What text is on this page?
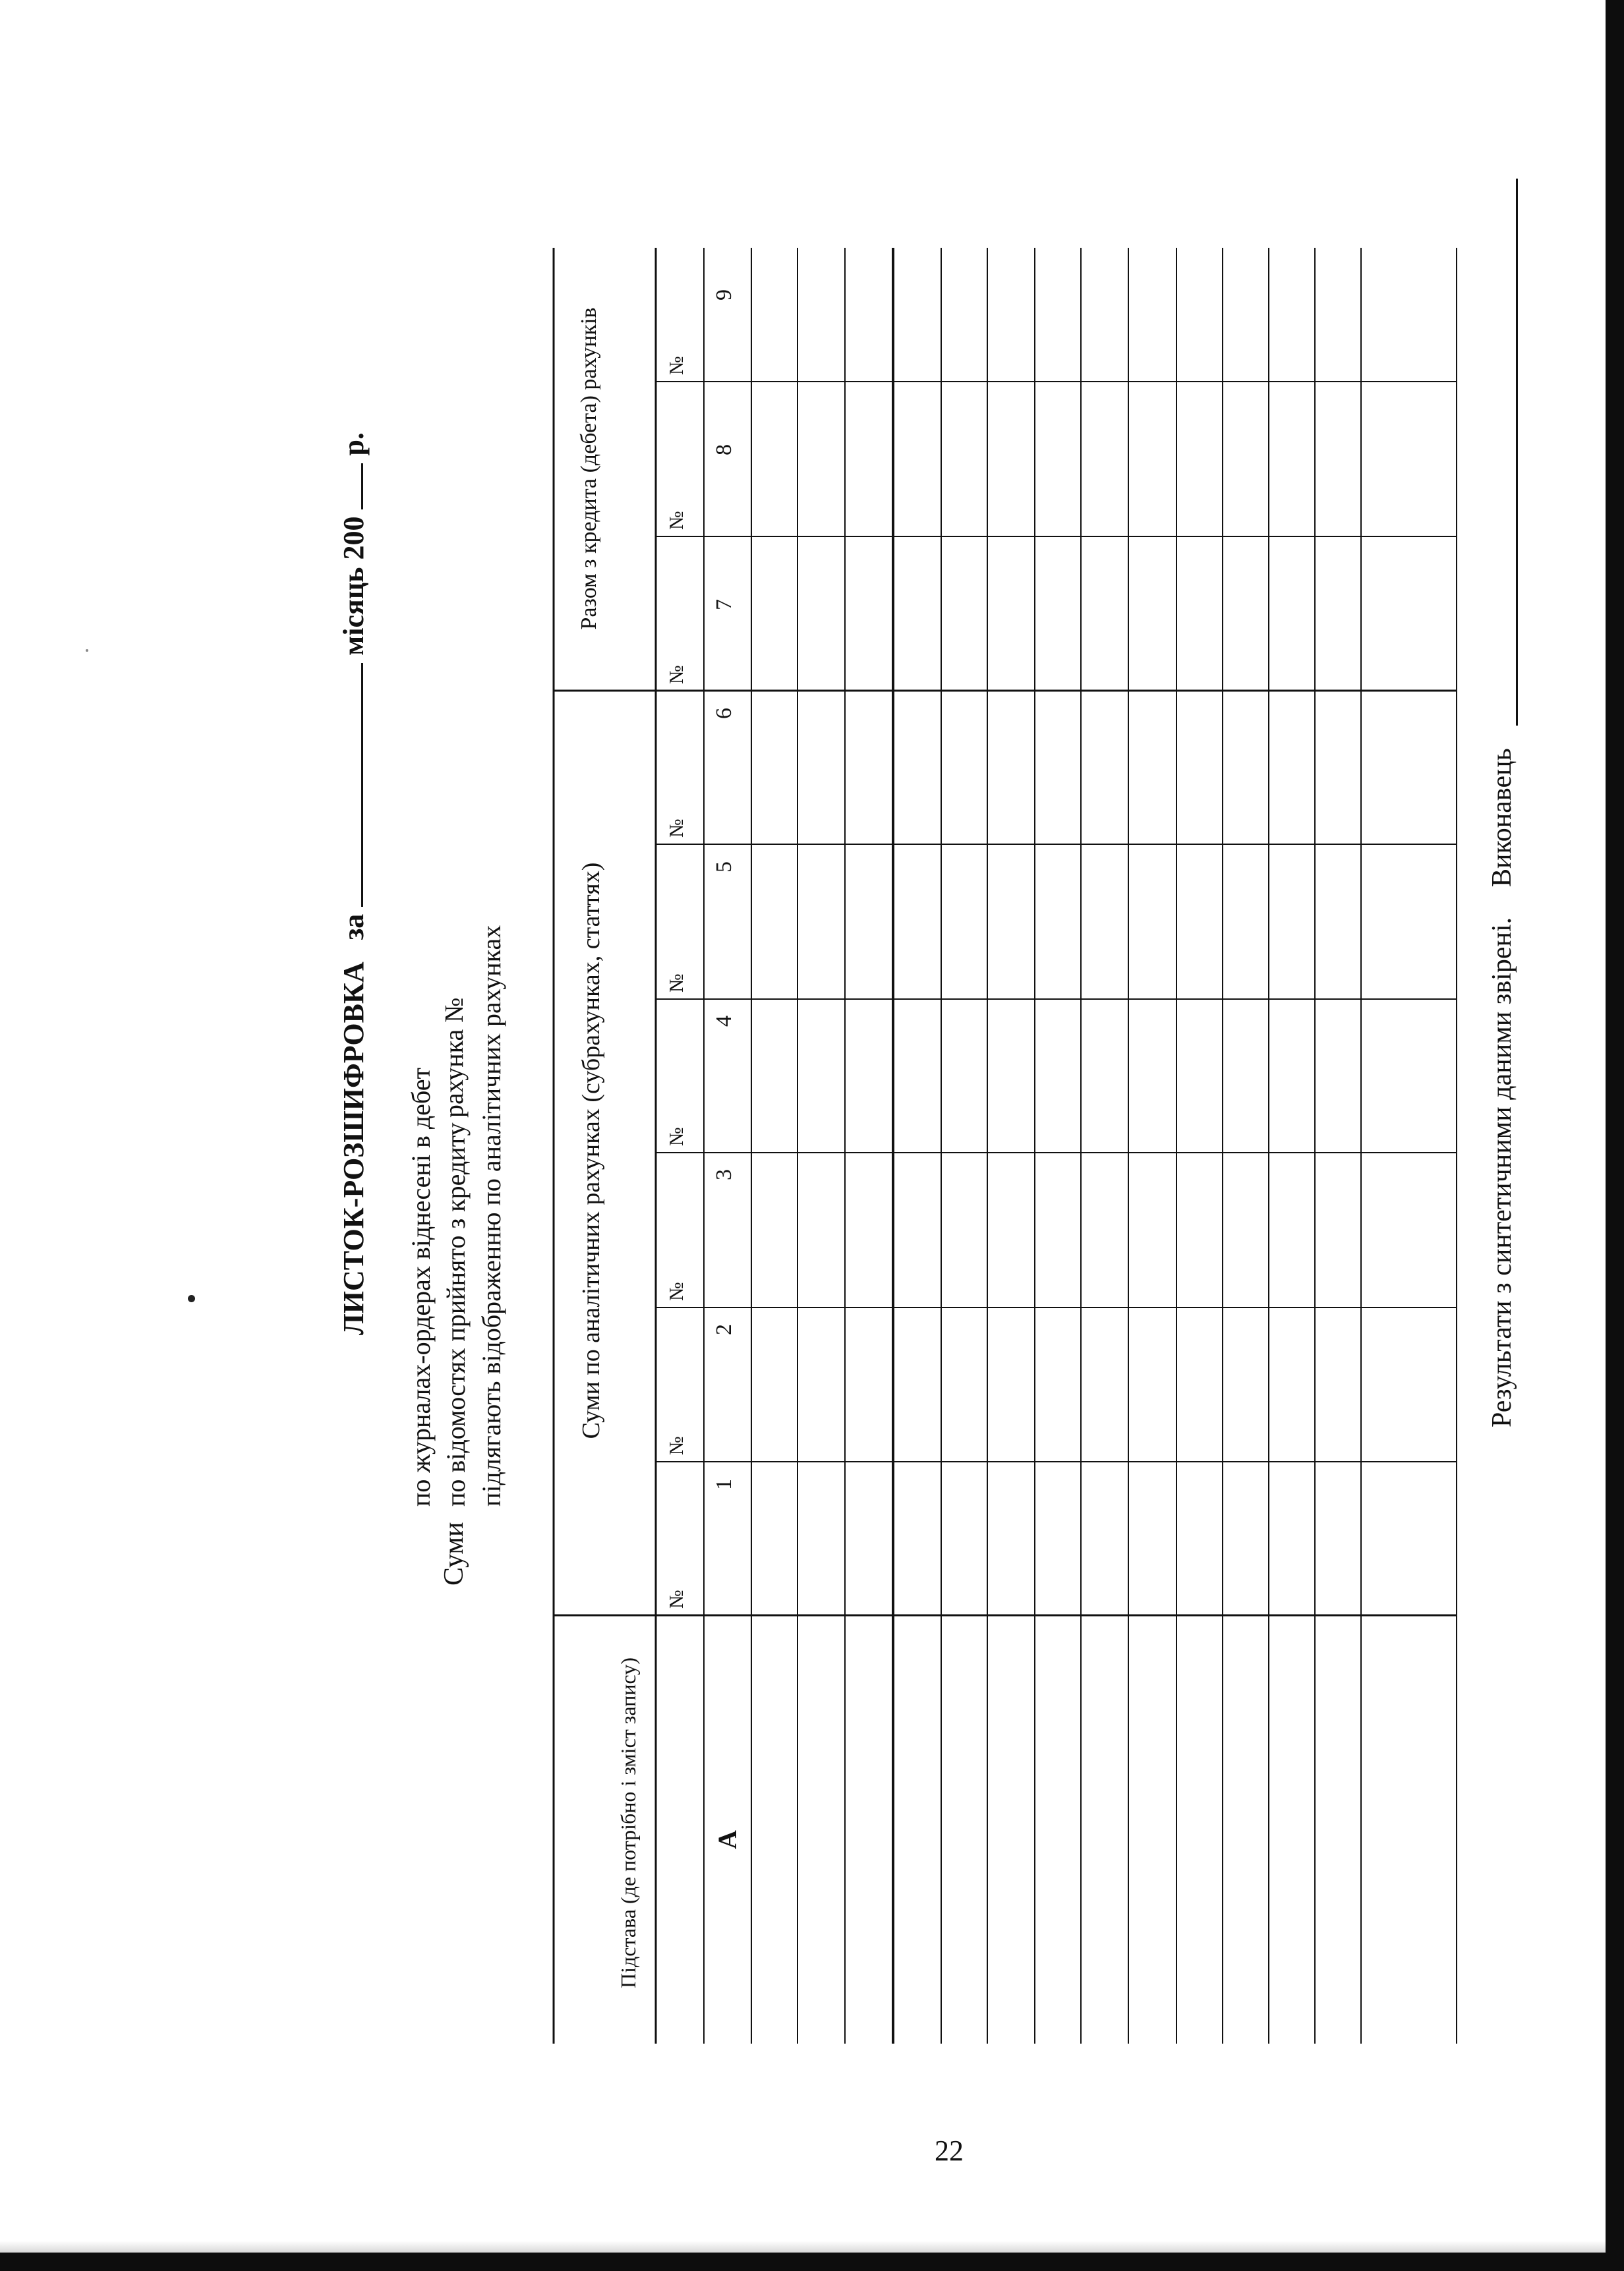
22
ЛИСТОК-РОЗШИФРОВКА   за  місяць 200  р.
Суми
по журналах-ордерах віднесені в дебет по відомостях прийнято з кредиту підлягають відображенню по аналітичних рахунках
рахунка №
Підстава (де потрібно і зміст запису)
Суми по аналітичних рахунках (субрахунках, статтях)
Разом з кредита (дебета) рахунків
№
№
№
№
№
№
№
№
№
А
1
2
3
4
5
6
7
8
9
Результати з синтетичними даними звірені.
Виконавець
